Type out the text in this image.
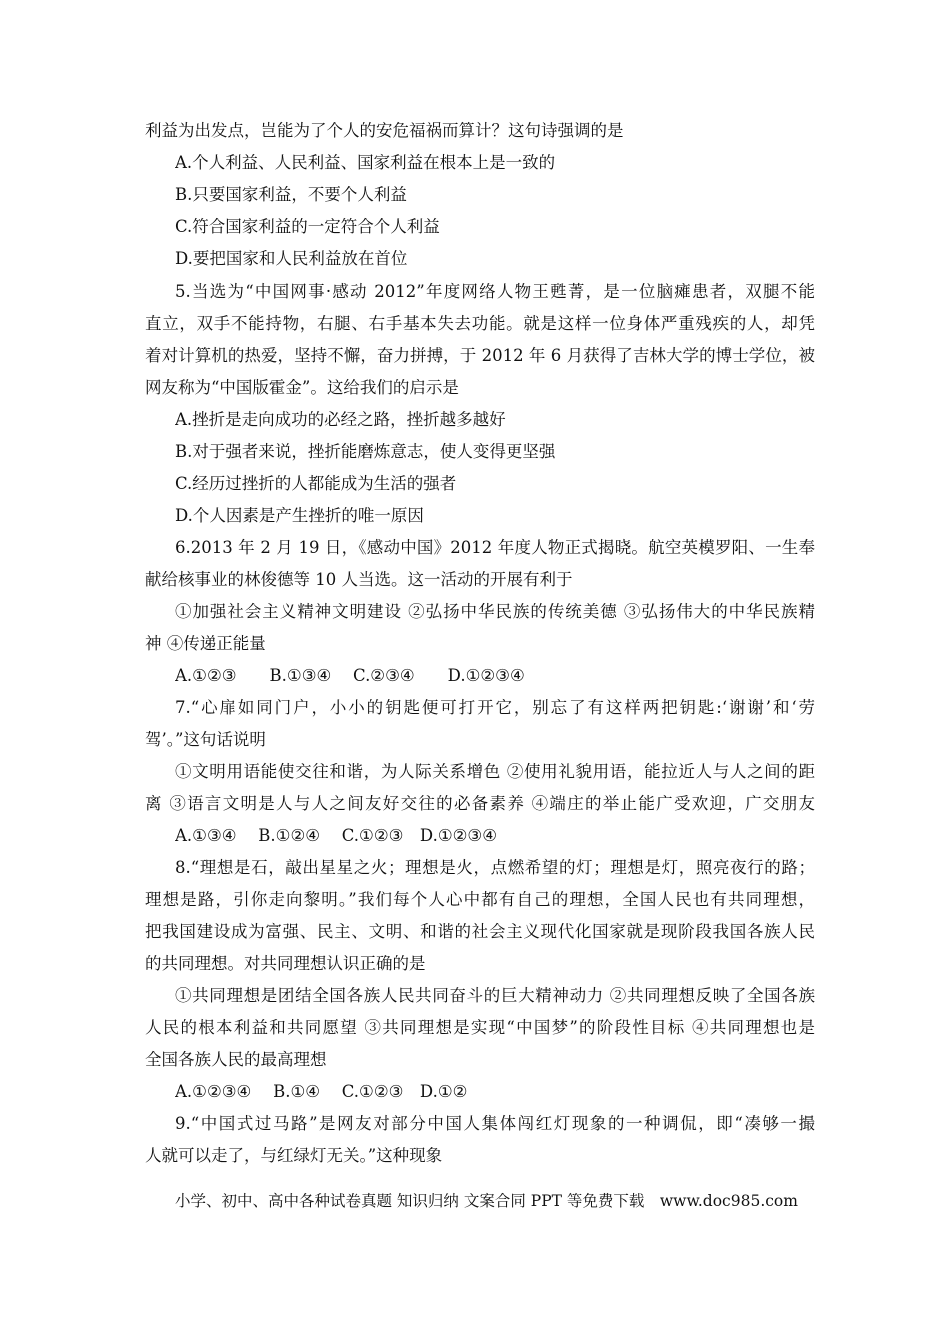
利益为出发点，岂能为了个人的安危福祸而算计？这句诗强调的是
A.个人利益、人民利益、国家利益在根本上是一致的
B.只要国家利益，不要个人利益
C.符合国家利益的一定符合个人利益
D.要把国家和人民利益放在首位
5.当选为“中国网事·感动 2012”年度网络人物王甦菁，是一位脑瘫患者，双腿不能
直立，双手不能持物，右腿、右手基本失去功能。就是这样一位身体严重残疾的人，却凭
着对计算机的热爱，坚持不懈，奋力拼搏，于 2012 年 6 月获得了吉林大学的博士学位，被
网友称为“中国版霍金”。这给我们的启示是
A.挫折是走向成功的必经之路，挫折越多越好
B.对于强者来说，挫折能磨炼意志，使人变得更坚强
C.经历过挫折的人都能成为生活的强者
D.个人因素是产生挫折的唯一原因
6.2013 年 2 月 19 日，《感动中国》2012 年度人物正式揭晓。航空英模罗阳、一生奉
献给核事业的林俊德等 10 人当选。这一活动的开展有利于
①加强社会主义精神文明建设 ②弘扬中华民族的传统美德 ③弘扬伟大的中华民族精
神 ④传递正能量
A.①②③　　B.①③④　 C.②③④　　D.①②③④
7.“心扉如同门户，小小的钥匙便可打开它，别忘了有这样两把钥匙:‘谢谢’和‘劳
驾’。”这句话说明
①文明用语能使交往和谐，为人际关系增色 ②使用礼貌用语，能拉近人与人之间的距
离 ③语言文明是人与人之间友好交往的必备素养 ④端庄的举止能广受欢迎，广交朋友
A.①③④　 B.①②④　 C.①②③　D.①②③④
8.“理想是石，敲出星星之火；理想是火，点燃希望的灯；理想是灯，照亮夜行的路；
理想是路，引你走向黎明。”我们每个人心中都有自己的理想，全国人民也有共同理想，
把我国建设成为富强、民主、文明、和谐的社会主义现代化国家就是现阶段我国各族人民
的共同理想。对共同理想认识正确的是
①共同理想是团结全国各族人民共同奋斗的巨大精神动力 ②共同理想反映了全国各族
人民的根本利益和共同愿望 ③共同理想是实现“中国梦”的阶段性目标 ④共同理想也是
全国各族人民的最高理想
A.①②③④　 B.①④　 C.①②③　D.①②
9.“中国式过马路”是网友对部分中国人集体闯红灯现象的一种调侃，即“凑够一撮
人就可以走了，与红绿灯无关。”这种现象
小学、初中、高中各种试卷真题 知识归纳 文案合同 PPT 等免费下载　www.doc985.com
